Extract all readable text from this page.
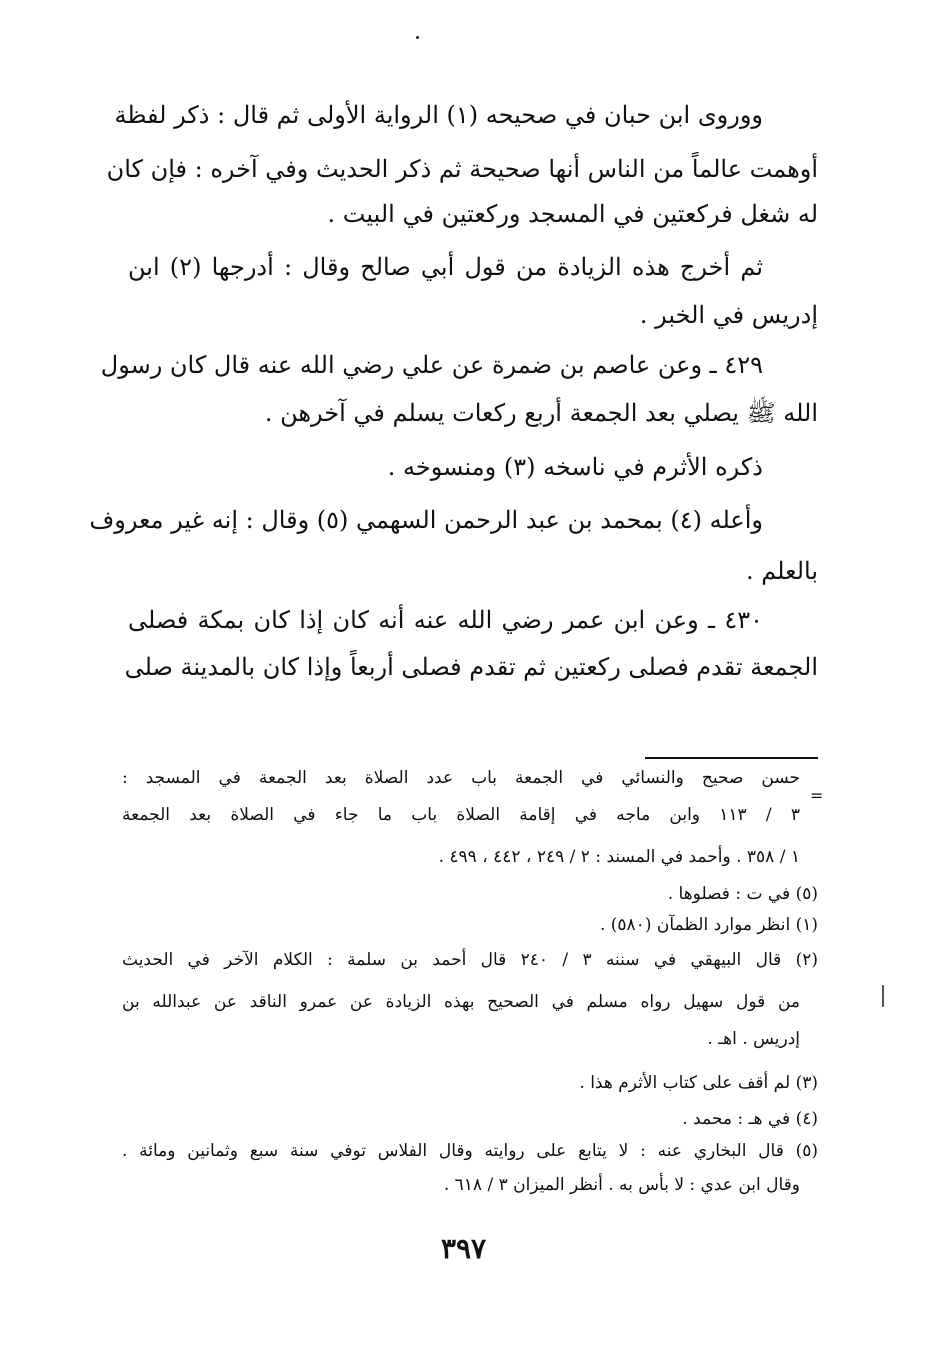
ووروى ابن حبان في صحيحه (١) الرواية الأولى ثم قال : ذكر لفظة
أوهمت عالماً من الناس أنها صحيحة ثم ذكر الحديث وفي آخره : فإن كان
له شغل فركعتين في المسجد وركعتين في البيت .
ثم أخرج هذه الزيادة من قول أبي صالح وقال : أدرجها (٢) ابن
إدريس في الخبر .
٤٢٩ ـ وعن عاصم بن ضمرة عن علي رضي الله عنه قال كان رسول
الله ﷺ يصلي بعد الجمعة أربع ركعات يسلم في آخرهن .
ذكره الأثرم في ناسخه (٣) ومنسوخه .
وأعله (٤) بمحمد بن عبد الرحمن السهمي (٥) وقال : إنه غير معروف
بالعلم .
٤٣٠ ـ وعن ابن عمر رضي الله عنه أنه كان إذا كان بمكة فصلى
الجمعة تقدم فصلى ركعتين ثم تقدم فصلى أربعاً وإذا كان بالمدينة صلى
=
حسن صحيح والنسائي في الجمعة باب عدد الصلاة بعد الجمعة في المسجد :
٣ / ١١٣ وابن ماجه في إقامة الصلاة باب ما جاء في الصلاة بعد الجمعة
١ / ٣٥٨ . وأحمد في المسند : ٢ / ٢٤٩ ، ٤٤٢ ، ٤٩٩ .
(٥) في ت : فصلوها .
(١) انظر موارد الظمآن (٥٨٠) .
(٢) قال البيهقي في سننه ٣ / ٢٤٠ قال أحمد بن سلمة : الكلام الآخر في الحديث
من قول سهيل رواه مسلم في الصحيح بهذه الزيادة عن عمرو الناقد عن عبدالله بن
إدريس . اهـ .
(٣) لم أقف على كتاب الأثرم هذا .
(٤) في هـ : محمد .
(٥) قال البخاري عنه : لا يتابع على روايته وقال الفلاس توفي سنة سبع وثمانين ومائة .
وقال ابن عدي : لا بأس به . أنظر الميزان ٣ / ٦١٨ .
٣٩٧
